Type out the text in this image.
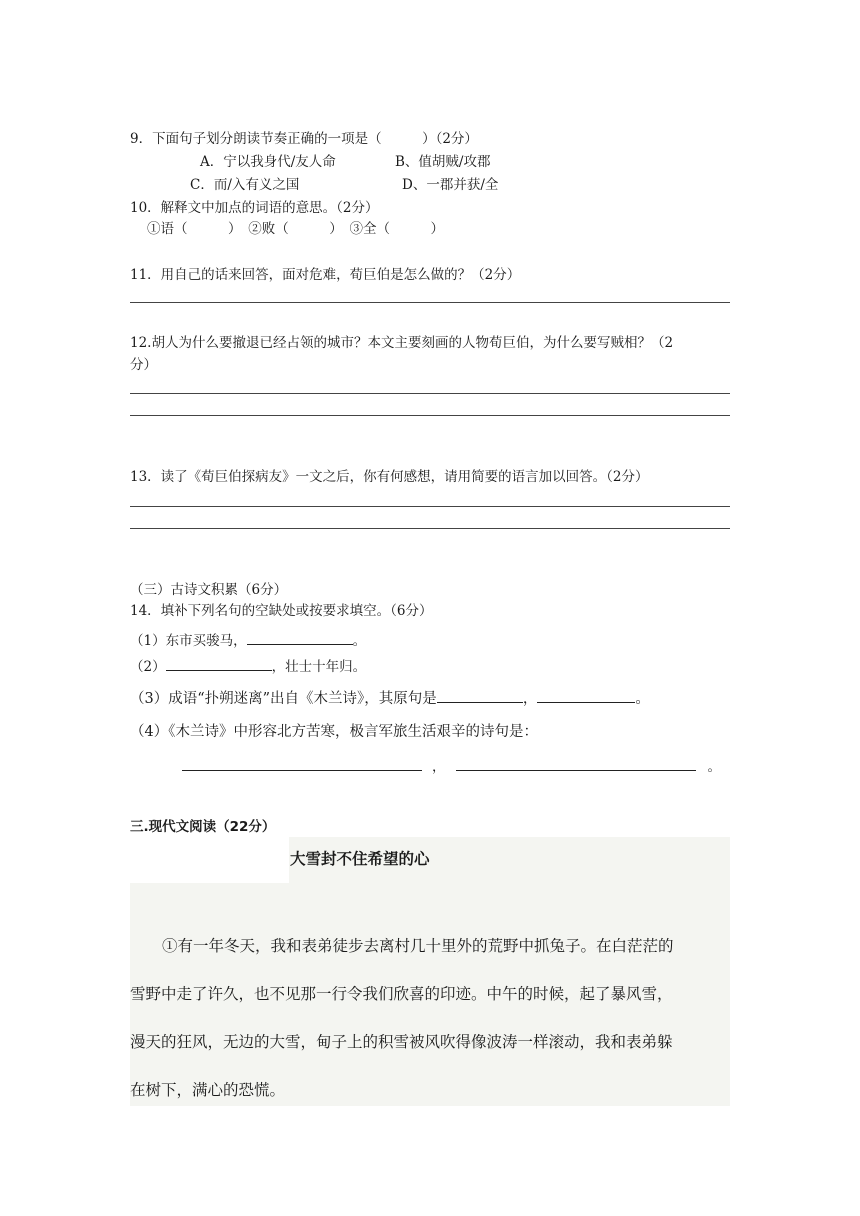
9．下面句子划分朗读节奏正确的一项是（　　　）（2分）
A．宁以我身代/友人命	B、值胡贼/攻郡
C．而/入有义之国	D、一郡并获/全
10．解释文中加点的词语的意思。（2分）
①语（　　　）　②败（　　　）　③全（　　　）
11．用自己的话来回答，面对危难，荀巨伯是怎么做的？（2分）
12.胡人为什么要撤退已经占领的城市？本文主要刻画的人物荀巨伯，为什么要写贼相？（2
分）
13．读了《荀巨伯探病友》一文之后，你有何感想，请用简要的语言加以回答。（2分）
（三）古诗文积累（6分）
14．填补下列名句的空缺处或按要求填空。（6分）
（1）东市买骏马，	。
（2）	，壮士十年归。
（3）成语“扑朔迷离”出自《木兰诗》，其原句是	，	。
（4）《木兰诗》中形容北方苦寒，极言军旅生活艰辛的诗句是：
，	。
三.现代文阅读（22分）
大雪封不住希望的心
①有一年冬天，我和表弟徒步去离村几十里外的荒野中抓兔子。在白茫茫的
雪野中走了许久，也不见那一行令我们欣喜的印迹。中午的时候，起了暴风雪，
漫天的狂风，无边的大雪，甸子上的积雪被风吹得像波涛一样滚动，我和表弟躲
在树下，满心的恐慌。
